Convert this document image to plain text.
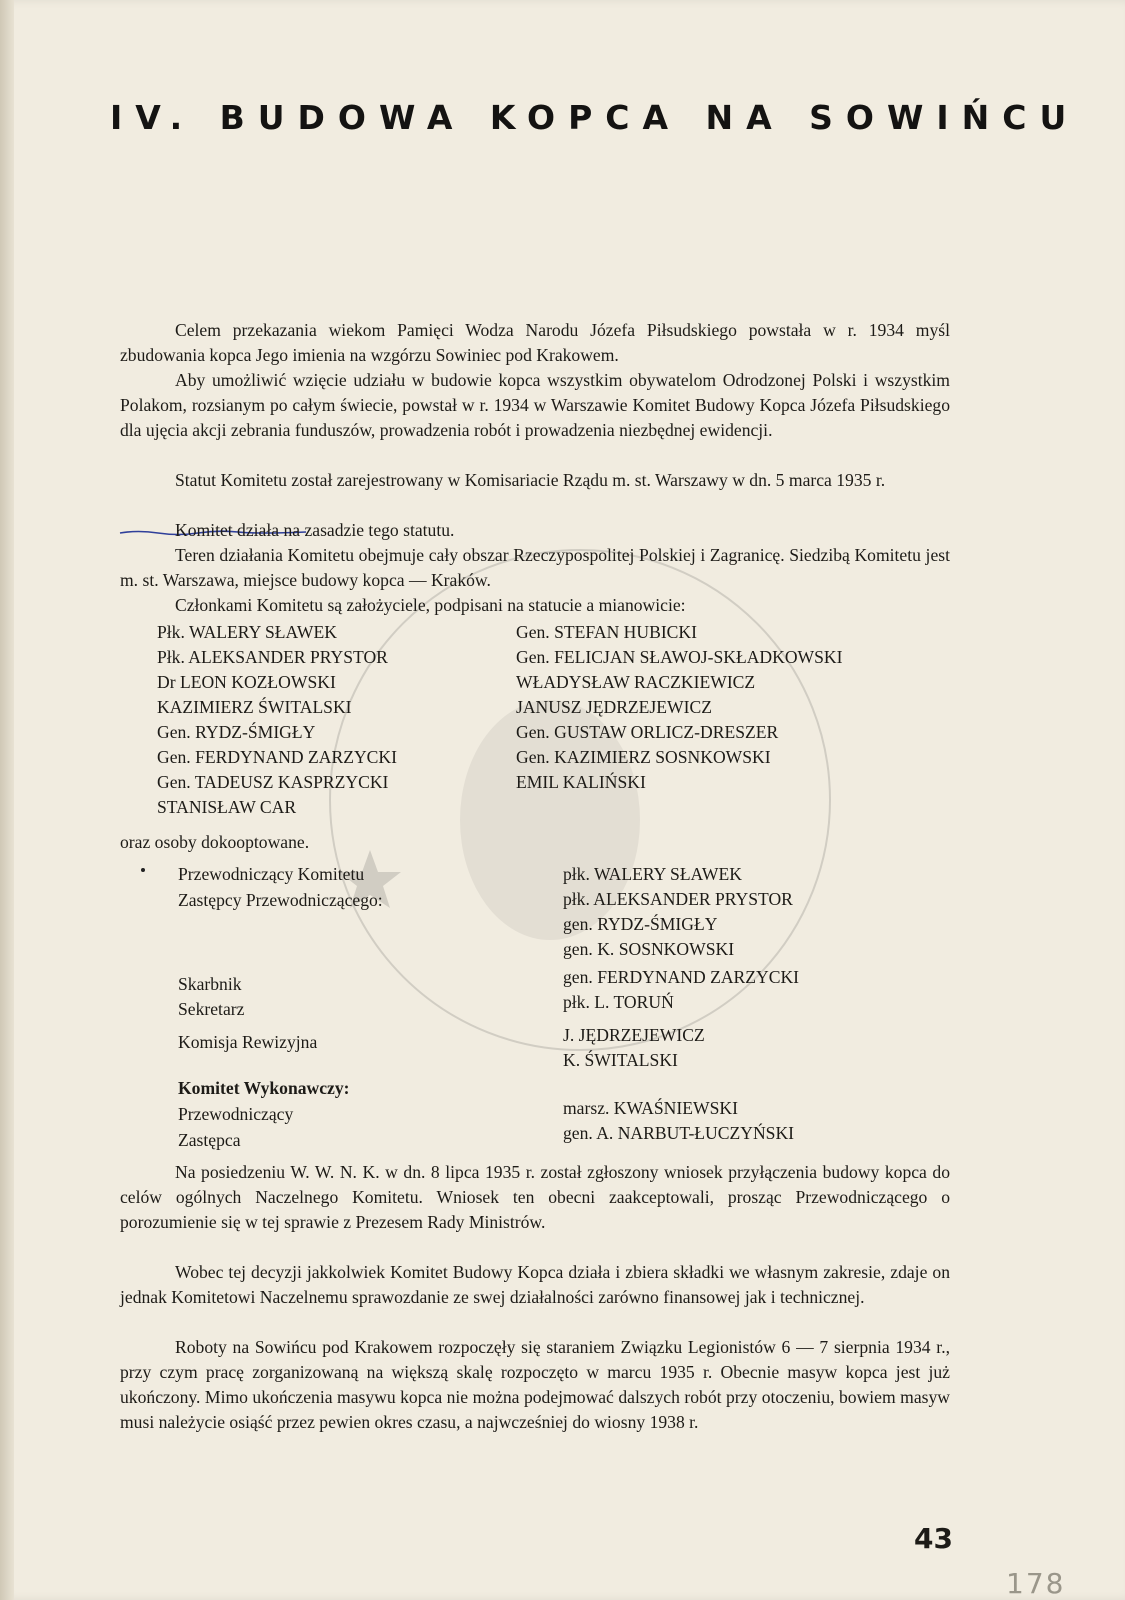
IV. BUDOWA KOPCA NA SOWIŃCU
Celem przekazania wiekom Pamięci Wodza Narodu Józefa Piłsudskiego powstała w r. 1934 myśl zbudowania kopca Jego imienia na wzgórzu Sowiniec pod Krakowem.
Aby umożliwić wzięcie udziału w budowie kopca wszystkim obywatelom Odrodzonej Polski i wszystkim Polakom, rozsianym po całym świecie, powstał w r. 1934 w Warszawie Komitet Budowy Kopca Józefa Piłsudskiego dla ujęcia akcji zebrania funduszów, prowadzenia robót i prowadzenia niezbędnej ewidencji.
Statut Komitetu został zarejestrowany w Komisariacie Rządu m. st. Warszawy w dn. 5 marca 1935 r.
Komitet działa na zasadzie tego statutu.
Teren działania Komitetu obejmuje cały obszar Rzeczypospolitej Polskiej i Zagranicę. Siedzibą Komitetu jest m. st. Warszawa, miejsce budowy kopca — Kraków.
Członkami Komitetu są założyciele, podpisani na statucie a mianowicie:
Płk. WALERY SŁAWEK
Płk. ALEKSANDER PRYSTOR
Dr LEON KOZŁOWSKI
KAZIMIERZ ŚWITALSKI
Gen. RYDZ-ŚMIGŁY
Gen. FERDYNAND ZARZYCKI
Gen. TADEUSZ KASPRZYCKI
STANISŁAW CAR
Gen. STEFAN HUBICKI
Gen. FELICJAN SŁAWOJ-SKŁADKOWSKI
WŁADYSŁAW RACZKIEWICZ
JANUSZ JĘDRZEJEWICZ
Gen. GUSTAW ORLICZ-DRESZER
Gen. KAZIMIERZ SOSNKOWSKI
EMIL KALIŃSKI
oraz osoby dokooptowane.
Przewodniczący Komitetu
Zastępcy Przewodniczącego:
Skarbnik
Sekretarz
Komisja Rewizyjna
Komitet Wykonawczy:
Przewodniczący
Zastępca
płk. WALERY SŁAWEK
płk. ALEKSANDER PRYSTOR
gen. RYDZ-ŚMIGŁY
gen. K. SOSNKOWSKI
gen. FERDYNAND ZARZYCKI
płk. L. TORUŃ
J. JĘDRZEJEWICZ
K. ŚWITALSKI
marsz. KWAŚNIEWSKI
gen. A. NARBUT-ŁUCZYŃSKI
Na posiedzeniu W. W. N. K. w dn. 8 lipca 1935 r. został zgłoszony wniosek przyłączenia budowy kopca do celów ogólnych Naczelnego Komitetu. Wniosek ten obecni zaakceptowali, prosząc Przewodniczącego o porozumienie się w tej sprawie z Prezesem Rady Ministrów.
Wobec tej decyzji jakkolwiek Komitet Budowy Kopca działa i zbiera składki we własnym zakresie, zdaje on jednak Komitetowi Naczelnemu sprawozdanie ze swej działalności zarówno finansowej jak i technicznej.
Roboty na Sowińcu pod Krakowem rozpoczęły się staraniem Związku Legionistów 6 — 7 sierpnia 1934 r., przy czym pracę zorganizowaną na większą skalę rozpoczęto w marcu 1935 r. Obecnie masyw kopca jest już ukończony. Mimo ukończenia masywu kopca nie można podejmować dalszych robót przy otoczeniu, bowiem masyw musi należycie osiąść przez pewien okres czasu, a najwcześniej do wiosny 1938 r.
43
178
